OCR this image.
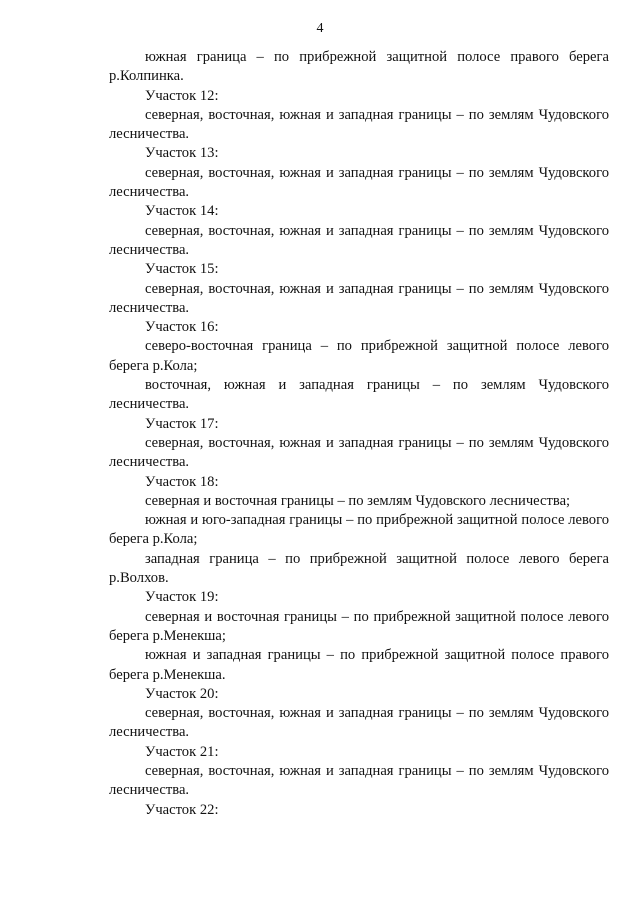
4

южная граница – по прибрежной защитной полосе правого берега р.Колпинка.

Участок 12:

северная, восточная, южная и западная границы – по землям Чудовского лесничества.

Участок 13:

северная, восточная, южная и западная границы – по землям Чудовского лесничества.

Участок 14:

северная, восточная, южная и западная границы – по землям Чудовского лесничества.

Участок 15:

северная, восточная, южная и западная границы – по землям Чудовского лесничества.

Участок 16:

северо-восточная граница – по прибрежной защитной полосе левого берега р.Кола;

восточная, южная и западная границы – по землям Чудовского лесничества.

Участок 17:

северная, восточная, южная и западная границы – по землям Чудовского лесничества.

Участок 18:

северная и восточная границы – по землям Чудовского лесничества;

южная и юго-западная границы – по прибрежной защитной полосе левого берега р.Кола;

западная граница – по прибрежной защитной полосе левого берега р.Волхов.

Участок 19:

северная и восточная границы – по прибрежной защитной полосе левого берега р.Менекша;

южная и западная границы – по прибрежной защитной полосе правого берега р.Менекша.

Участок 20:

северная, восточная, южная и западная границы – по землям Чудовского лесничества.

Участок 21:

северная, восточная, южная и западная границы – по землям Чудовского лесничества.

Участок 22:
